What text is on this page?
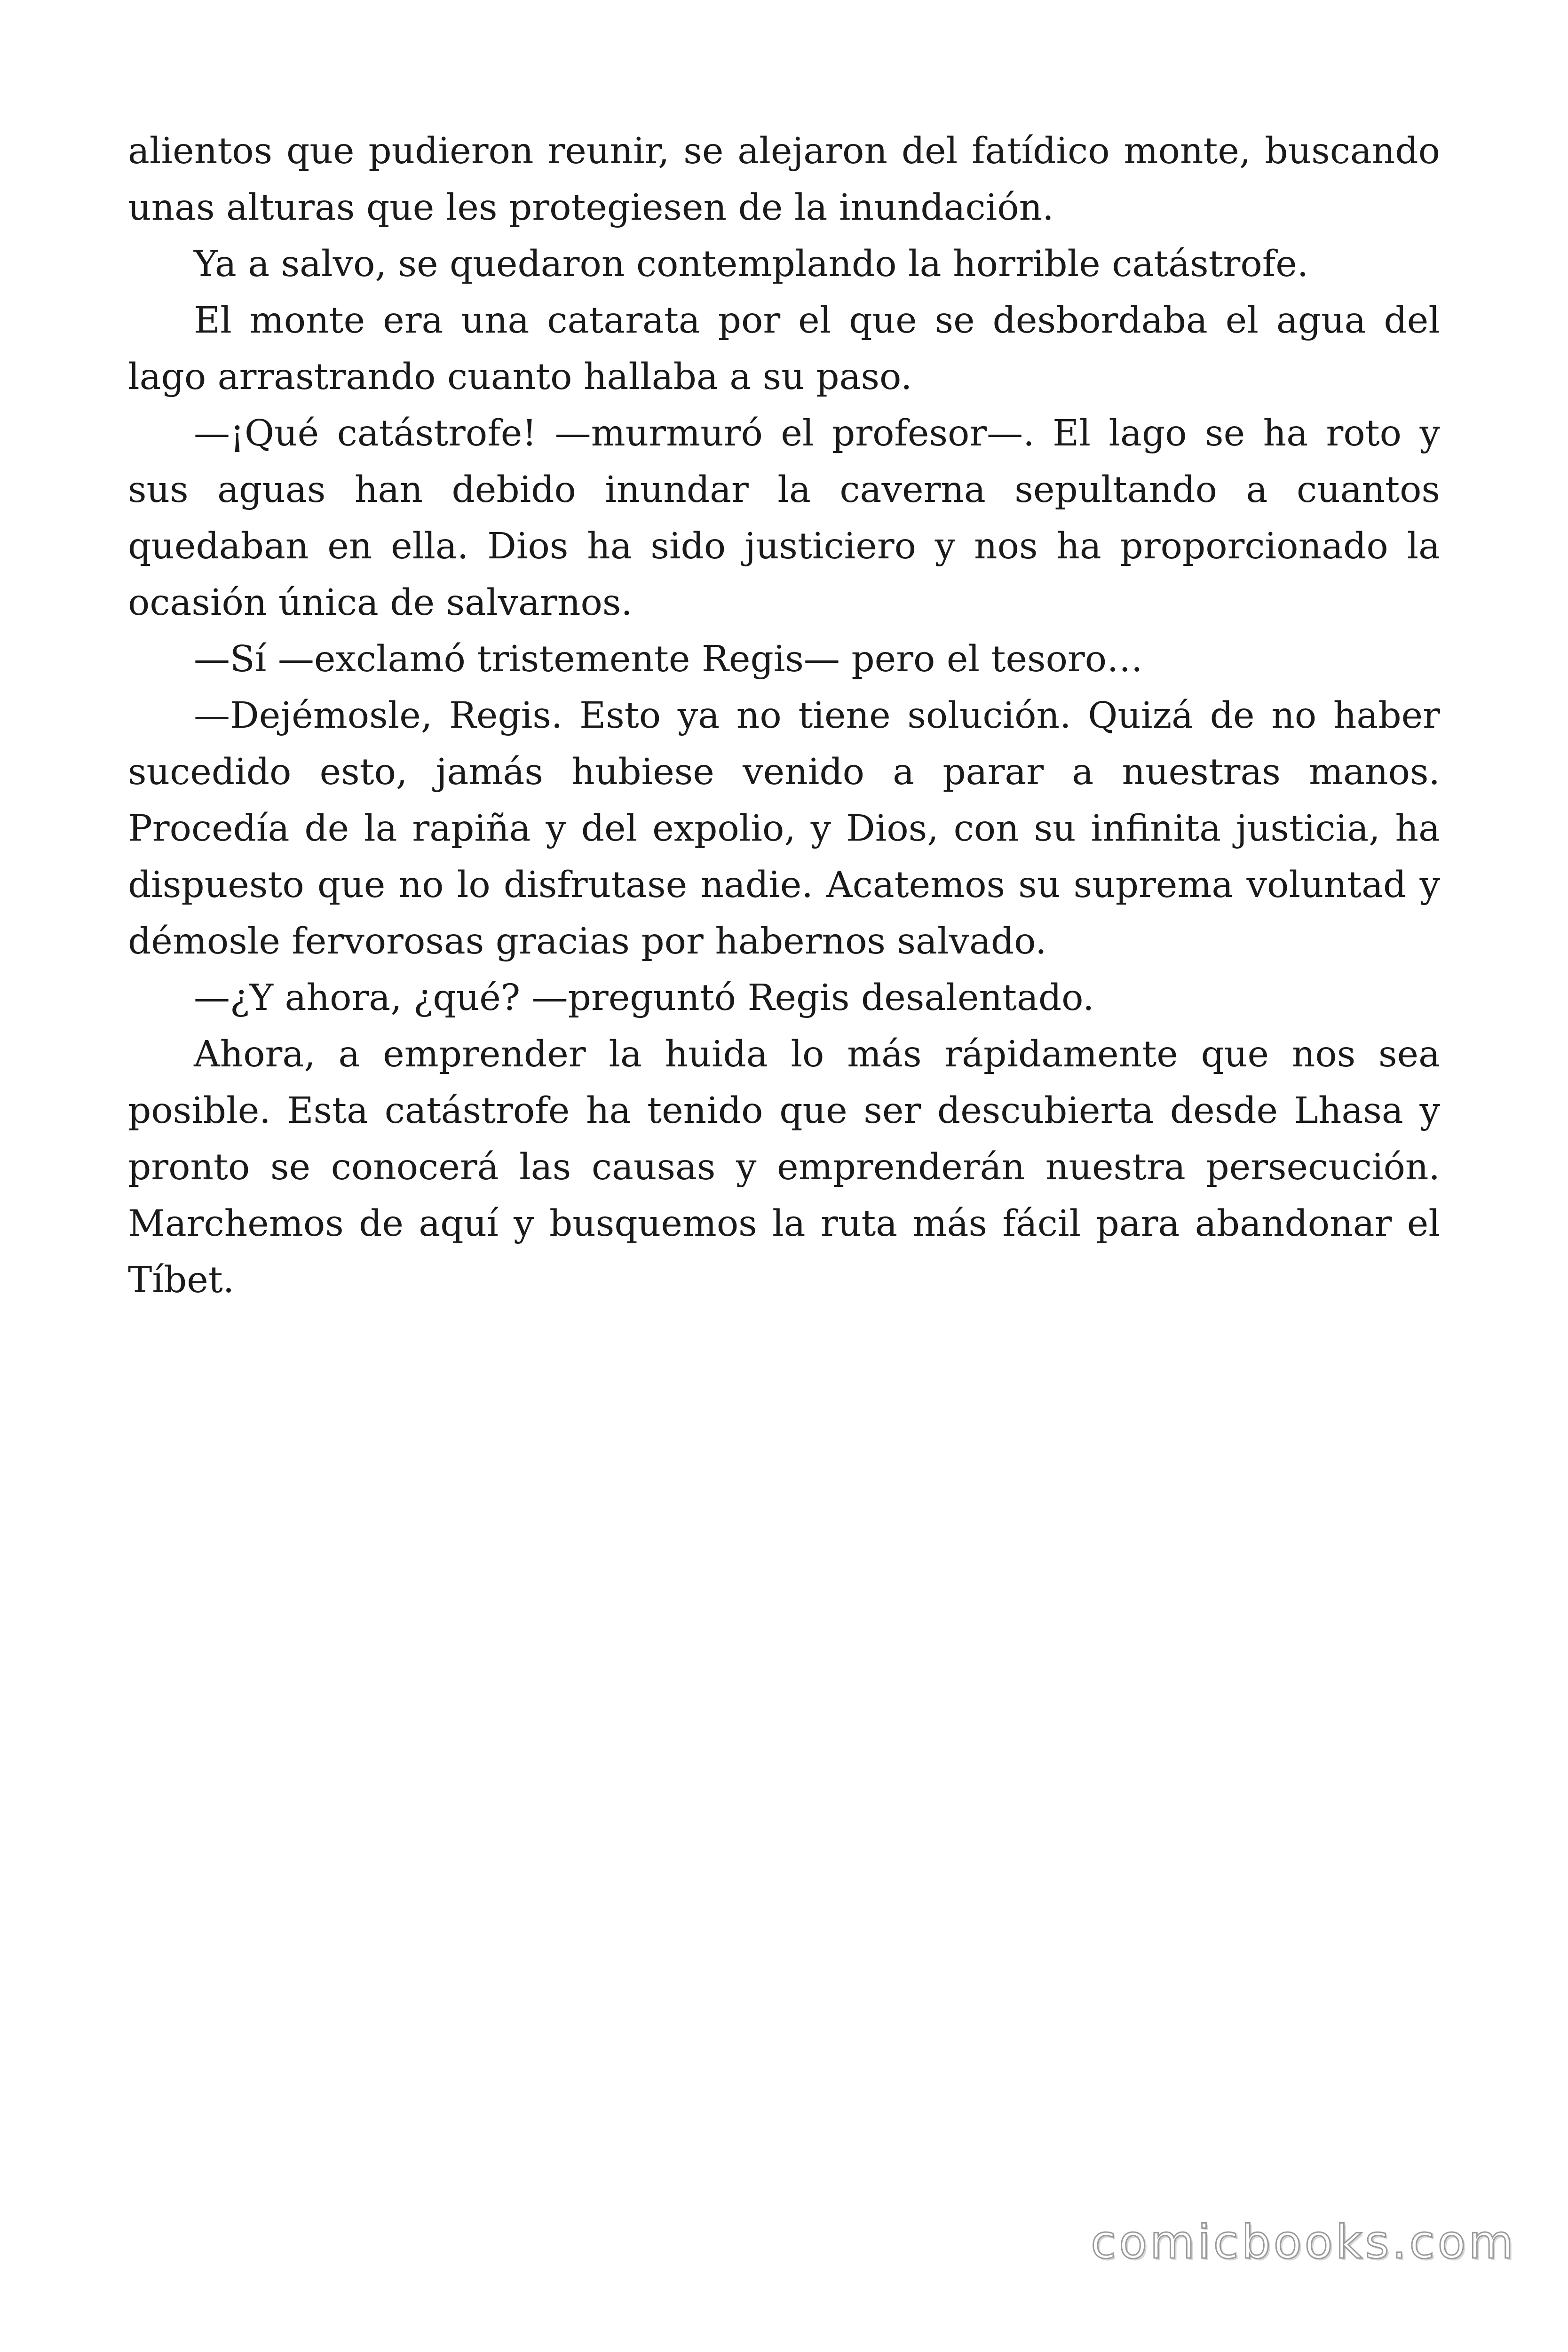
alientos que pudieron reunir, se alejaron del fatídico monte, buscando unas alturas que les protegiesen de la inundación.

Ya a salvo, se quedaron contemplando la horrible catástrofe.

El monte era una catarata por el que se desbordaba el agua del lago arrastrando cuanto hallaba a su paso.

—¡Qué catástrofe! —murmuró el profesor—. El lago se ha roto y sus aguas han debido inundar la caverna sepultando a cuantos quedaban en ella. Dios ha sido justiciero y nos ha proporcionado la ocasión única de salvarnos.

—Sí —exclamó tristemente Regis— pero el tesoro…

—Dejémosle, Regis. Esto ya no tiene solución. Quizá de no haber sucedido esto, jamás hubiese venido a parar a nuestras manos. Procedía de la rapiña y del expolio, y Dios, con su infinita justicia, ha dispuesto que no lo disfrutase nadie. Acatemos su suprema voluntad y démosle fervorosas gracias por habernos salvado.

—¿Y ahora, ¿qué? —preguntó Regis desalentado.

Ahora, a emprender la huida lo más rápidamente que nos sea posible. Esta catástrofe ha tenido que ser descubierta desde Lhasa y pronto se conocerá las causas y emprenderán nuestra persecución. Marchemos de aquí y busquemos la ruta más fácil para abandonar el Tíbet.

comicbooks.com
